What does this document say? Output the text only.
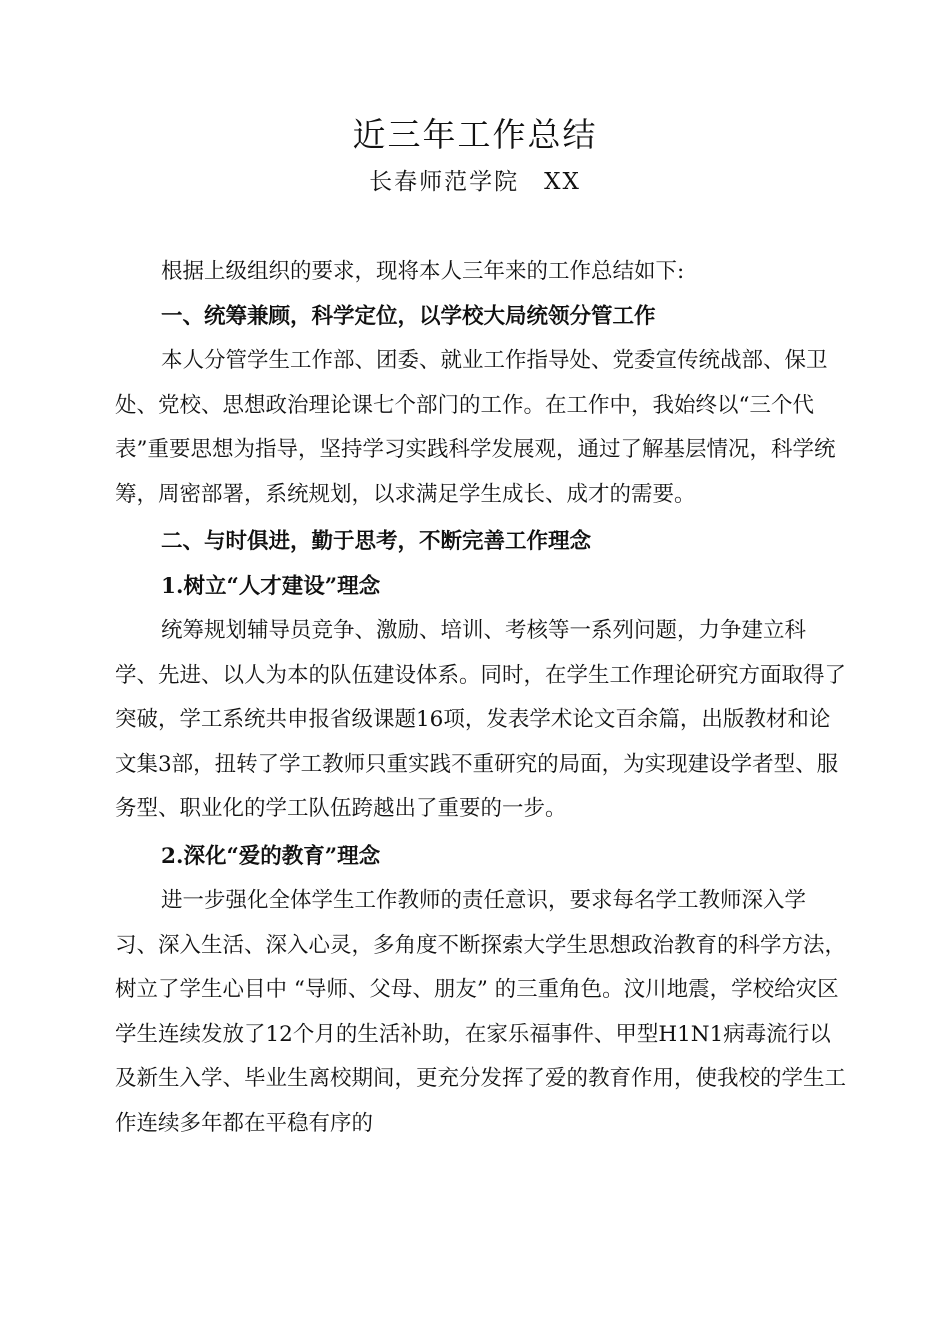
近三年工作总结
长春师范学院　XX

根据上级组织的要求，现将本人三年来的工作总结如下:

一、统筹兼顾，科学定位，以学校大局统领分管工作

本人分管学生工作部、团委、就业工作指导处、党委宣传统战部、保卫处、党校、思想政治理论课七个部门的工作。在工作中，我始终以“三个代表”重要思想为指导，坚持学习实践科学发展观，通过了解基层情况，科学统筹，周密部署，系统规划，以求满足学生成长、成才的需要。

二、与时俱进，勤于思考，不断完善工作理念

1.树立“人才建设”理念

统筹规划辅导员竞争、激励、培训、考核等一系列问题，力争建立科学、先进、以人为本的队伍建设体系。同时，在学生工作理论研究方面取得了突破，学工系统共申报省级课题16项，发表学术论文百余篇，出版教材和论文集3部，扭转了学工教师只重实践不重研究的局面，为实现建设学者型、服务型、职业化的学工队伍跨越出了重要的一步。

2.深化“爱的教育”理念

进一步强化全体学生工作教师的责任意识，要求每名学工教师深入学习、深入生活、深入心灵，多角度不断探索大学生思想政治教育的科学方法，树立了学生心目中 “导师、父母、朋友” 的三重角色。汶川地震，学校给灾区学生连续发放了12个月的生活补助，在家乐福事件、甲型H1N1病毒流行以及新生入学、毕业生离校期间，更充分发挥了爱的教育作用，使我校的学生工作连续多年都在平稳有序的
